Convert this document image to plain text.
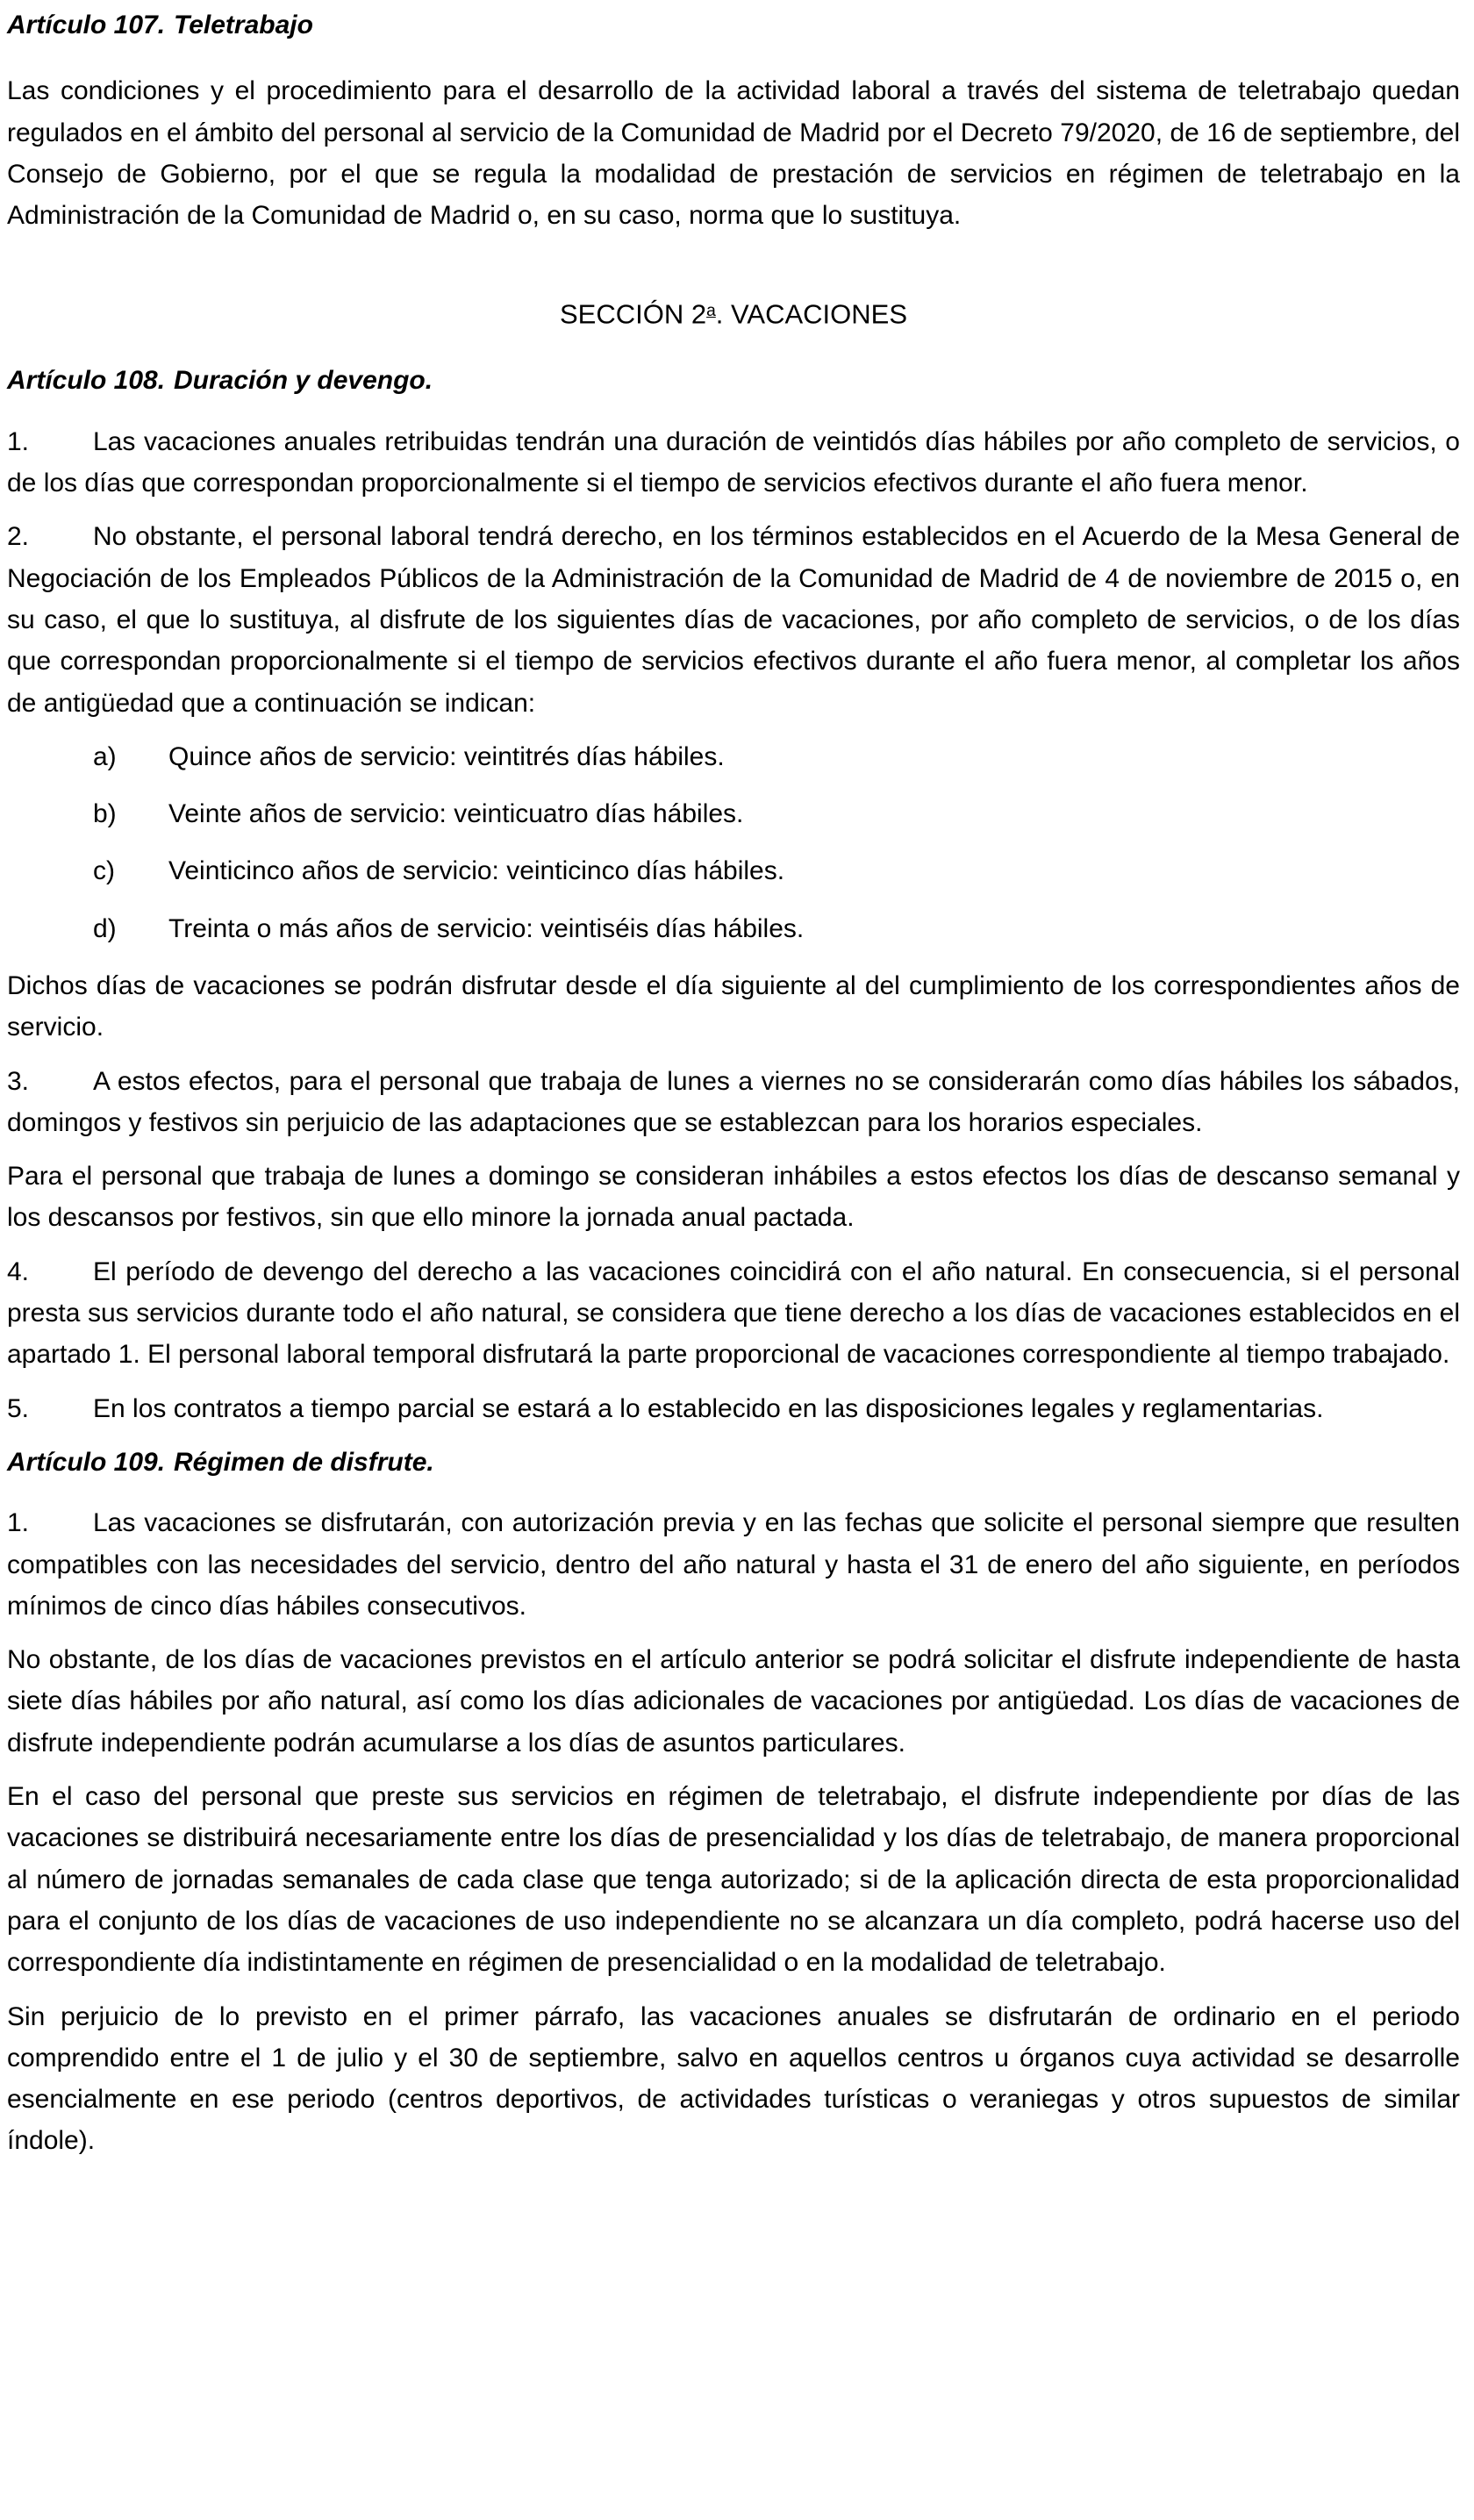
Artículo 107. Teletrabajo

Las condiciones y el procedimiento para el desarrollo de la actividad laboral a través del sistema de teletrabajo quedan regulados en el ámbito del personal al servicio de la Comunidad de Madrid por el Decreto 79/2020, de 16 de septiembre, del Consejo de Gobierno, por el que se regula la modalidad de prestación de servicios en régimen de teletrabajo en la Administración de la Comunidad de Madrid o, en su caso, norma que lo sustituya.

SECCIÓN 2$^a$. VACACIONES
Artículo 108. Duración y devengo.

1. Las vacaciones anuales retribuidas tendrán una duración de veintidós días hábiles por año completo de servicios, o de los días que correspondan proporcionalmente si el tiempo de servicios efectivos durante el año fuera menor.

2. No obstante, el personal laboral tendrá derecho, en los términos establecidos en el Acuerdo de la Mesa General de Negociación de los Empleados Públicos de la Administración de la Comunidad de Madrid de 4 de noviembre de 2015 o, en su caso, el que lo sustituya, al disfrute de los siguientes días de vacaciones, por año completo de servicios, o de los días que correspondan proporcionalmente si el tiempo de servicios efectivos durante el año fuera menor, al completar los años de antigüedad que a continuación se indican:

a) Quince años de servicio: veintitrés días hábiles.
b) Veinte años de servicio: veinticuatro días hábiles.
c) Veinticinco años de servicio: veinticinco días hábiles.
d) Treinta o más años de servicio: veintiséis días hábiles.

Dichos días de vacaciones se podrán disfrutar desde el día siguiente al del cumplimiento de los correspondientes años de servicio.

3. A estos efectos, para el personal que trabaja de lunes a viernes no se considerarán como días hábiles los sábados, domingos y festivos sin perjuicio de las adaptaciones que se establezcan para los horarios especiales.

Para el personal que trabaja de lunes a domingo se consideran inhábiles a estos efectos los días de descanso semanal y los descansos por festivos, sin que ello minore la jornada anual pactada.

4. El período de devengo del derecho a las vacaciones coincidirá con el año natural. En consecuencia, si el personal presta sus servicios durante todo el año natural, se considera que tiene derecho a los días de vacaciones establecidos en el apartado 1. El personal laboral temporal disfrutará la parte proporcional de vacaciones correspondiente al tiempo trabajado.

5. En los contratos a tiempo parcial se estará a lo establecido en las disposiciones legales y reglamentarias.

Artículo 109. Régimen de disfrute.

1. Las vacaciones se disfrutarán, con autorización previa y en las fechas que solicite el personal siempre que resulten compatibles con las necesidades del servicio, dentro del año natural y hasta el 31 de enero del año siguiente, en períodos mínimos de cinco días hábiles consecutivos.

No obstante, de los días de vacaciones previstos en el artículo anterior se podrá solicitar el disfrute independiente de hasta siete días hábiles por año natural, así como los días adicionales de vacaciones por antigüedad. Los días de vacaciones de disfrute independiente podrán acumularse a los días de asuntos particulares.

En el caso del personal que preste sus servicios en régimen de teletrabajo, el disfrute independiente por días de las vacaciones se distribuirá necesariamente entre los días de presencialidad y los días de teletrabajo, de manera proporcional al número de jornadas semanales de cada clase que tenga autorizado; si de la aplicación directa de esta proporcionalidad para el conjunto de los días de vacaciones de uso independiente no se alcanzara un día completo, podrá hacerse uso del correspondiente día indistintamente en régimen de presencialidad o en la modalidad de teletrabajo.

Sin perjuicio de lo previsto en el primer párrafo, las vacaciones anuales se disfrutarán de ordinario en el periodo comprendido entre el 1 de julio y el 30 de septiembre, salvo en aquellos centros u órganos cuya actividad se desarrolle esencialmente en ese periodo (centros deportivos, de actividades turísticas o veraniegas y otros supuestos de similar índole).
